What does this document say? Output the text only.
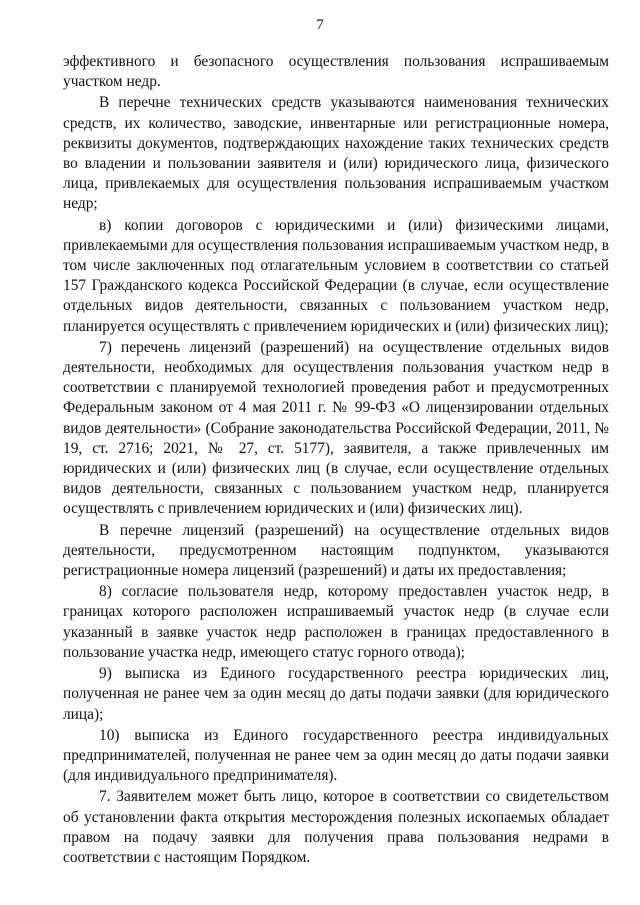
7

эффективного и безопасного осуществления пользования испрашиваемым участком недр.

В перечне технических средств указываются наименования технических средств, их количество, заводские, инвентарные или регистрационные номера, реквизиты документов, подтверждающих нахождение таких технических средств во владении и пользовании заявителя и (или) юридического лица, физического лица, привлекаемых для осуществления пользования испрашиваемым участком недр;

в) копии договоров с юридическими и (или) физическими лицами, привлекаемыми для осуществления пользования испрашиваемым участком недр, в том числе заключенных под отлагательным условием в соответствии со статьей 157 Гражданского кодекса Российской Федерации (в случае, если осуществление отдельных видов деятельности, связанных с пользованием участком недр, планируется осуществлять с привлечением юридических и (или) физических лиц);

7) перечень лицензий (разрешений) на осуществление отдельных видов деятельности, необходимых для осуществления пользования участком недр в соответствии с планируемой технологией проведения работ и предусмотренных Федеральным законом от 4 мая 2011 г. № 99-ФЗ «О лицензировании отдельных видов деятельности» (Собрание законодательства Российской Федерации, 2011, № 19, ст. 2716; 2021, № 27, ст. 5177), заявителя, а также привлеченных им юридических и (или) физических лиц (в случае, если осуществление отдельных видов деятельности, связанных с пользованием участком недр, планируется осуществлять с привлечением юридических и (или) физических лиц).

В перечне лицензий (разрешений) на осуществление отдельных видов деятельности, предусмотренном настоящим подпунктом, указываются регистрационные номера лицензий (разрешений) и даты их предоставления;

8) согласие пользователя недр, которому предоставлен участок недр, в границах которого расположен испрашиваемый участок недр (в случае если указанный в заявке участок недр расположен в границах предоставленного в пользование участка недр, имеющего статус горного отвода);

9) выписка из Единого государственного реестра юридических лиц, полученная не ранее чем за один месяц до даты подачи заявки (для юридического лица);

10) выписка из Единого государственного реестра индивидуальных предпринимателей, полученная не ранее чем за один месяц до даты подачи заявки (для индивидуального предпринимателя).

7. Заявителем может быть лицо, которое в соответствии со свидетельством об установлении факта открытия месторождения полезных ископаемых обладает правом на подачу заявки для получения права пользования недрами в соответствии с настоящим Порядком.
